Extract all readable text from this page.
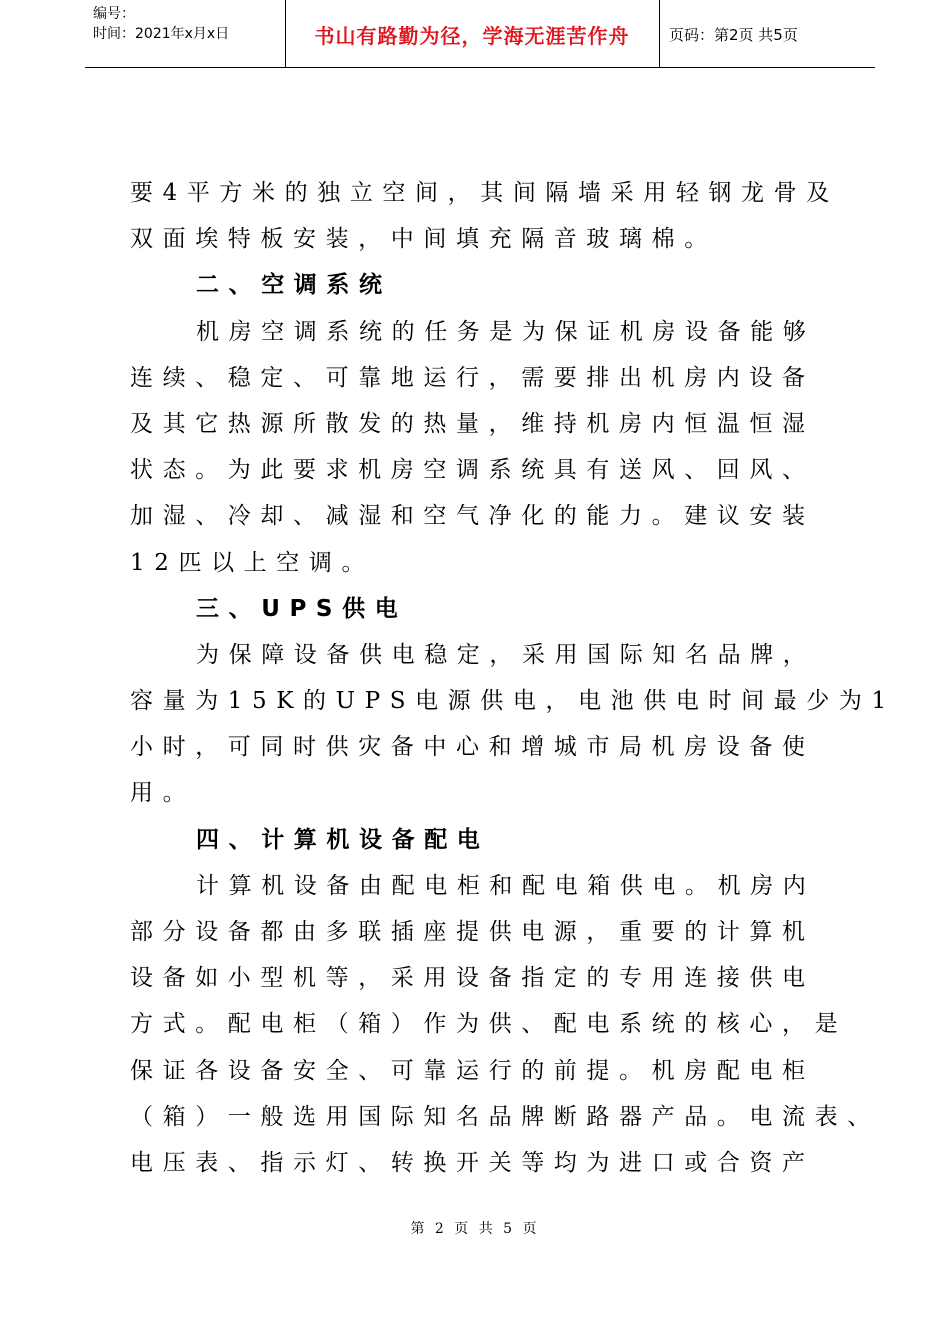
编号：
时间：2021年x月x日	书山有路勤为径，学海无涯苦作舟	页码：第2页 共5页
要4平方米的独立空间，其间隔墙采用轻钢龙骨及
双面埃特板安装，中间填充隔音玻璃棉。
二、空调系统
机房空调系统的任务是为保证机房设备能够
连续、稳定、可靠地运行，需要排出机房内设备
及其它热源所散发的热量，维持机房内恒温恒湿
状态。为此要求机房空调系统具有送风、回风、
加湿、冷却、减湿和空气净化的能力。建议安装
12匹以上空调。
三、UPS供电
为保障设备供电稳定，采用国际知名品牌，
容量为15K的UPS电源供电，电池供电时间最少为1
小时，可同时供灾备中心和增城市局机房设备使
用。
四、计算机设备配电
计算机设备由配电柜和配电箱供电。机房内
部分设备都由多联插座提供电源，重要的计算机
设备如小型机等，采用设备指定的专用连接供电
方式。配电柜（箱）作为供、配电系统的核心，是
保证各设备安全、可靠运行的前提。机房配电柜
（箱）一般选用国际知名品牌断路器产品。电流表、
电压表、指示灯、转换开关等均为进口或合资产
第 2 页 共 5 页
